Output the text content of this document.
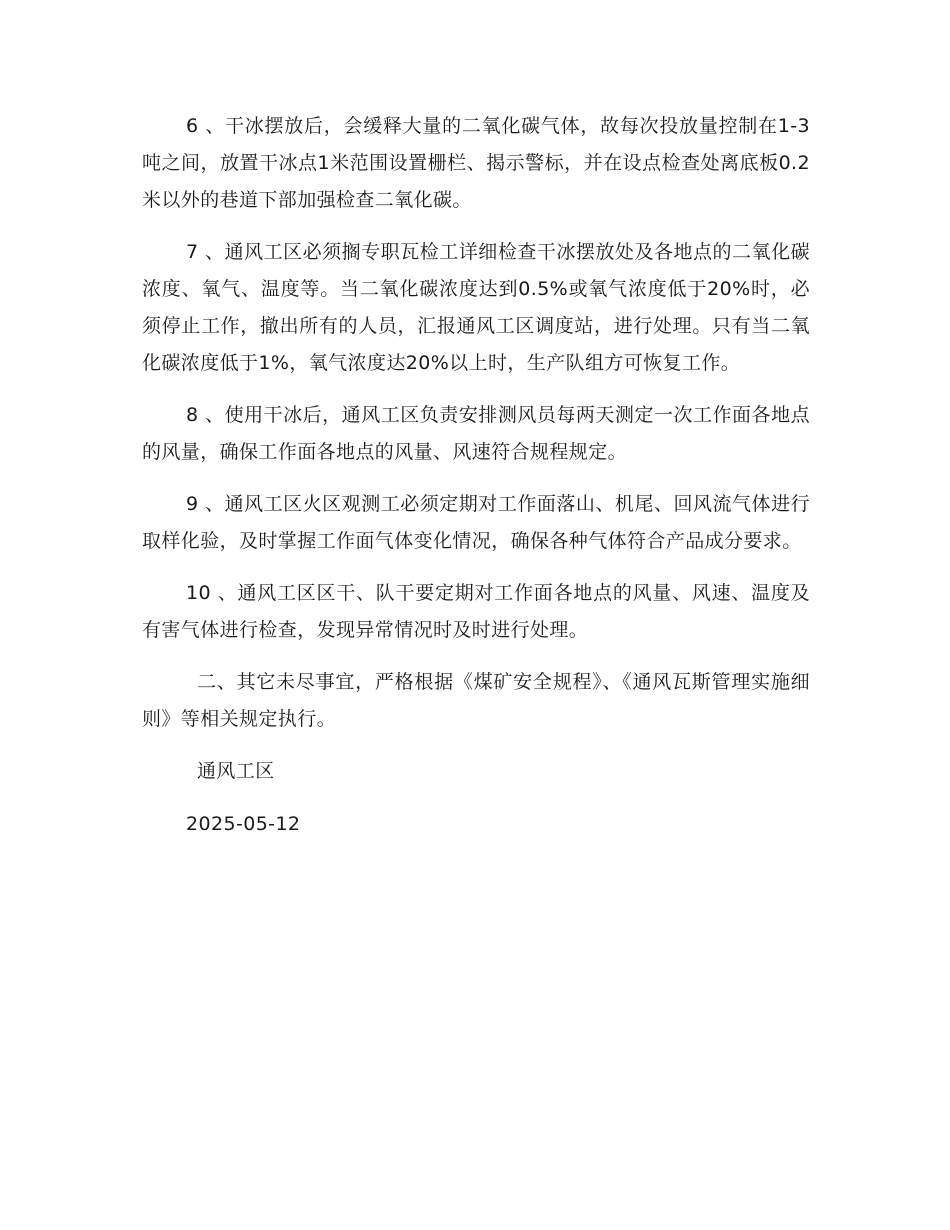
6 、干冰摆放后，会缓释大量的二氧化碳气体，故每次投放量控制在1-3吨之间，放置干冰点1米范围设置栅栏、揭示警标，并在设点检查处离底板0.2米以外的巷道下部加强检查二氧化碳。

7 、通风工区必须搁专职瓦检工详细检查干冰摆放处及各地点的二氧化碳浓度、氧气、温度等。当二氧化碳浓度达到0.5%或氧气浓度低于20%时，必须停止工作，撤出所有的人员，汇报通风工区调度站，进行处理。只有当二氧化碳浓度低于1%，氧气浓度达20%以上时，生产队组方可恢复工作。

8 、使用干冰后，通风工区负责安排测风员每两天测定一次工作面各地点的风量，确保工作面各地点的风量、风速符合规程规定。

9 、通风工区火区观测工必须定期对工作面落山、机尾、回风流气体进行取样化验，及时掌握工作面气体变化情况，确保各种气体符合产品成分要求。

10 、通风工区区干、队干要定期对工作面各地点的风量、风速、温度及有害气体进行检查，发现异常情况时及时进行处理。

二、其它未尽事宜，严格根据《煤矿安全规程》、《通风瓦斯管理实施细则》等相关规定执行。

通风工区

2025-05-12
